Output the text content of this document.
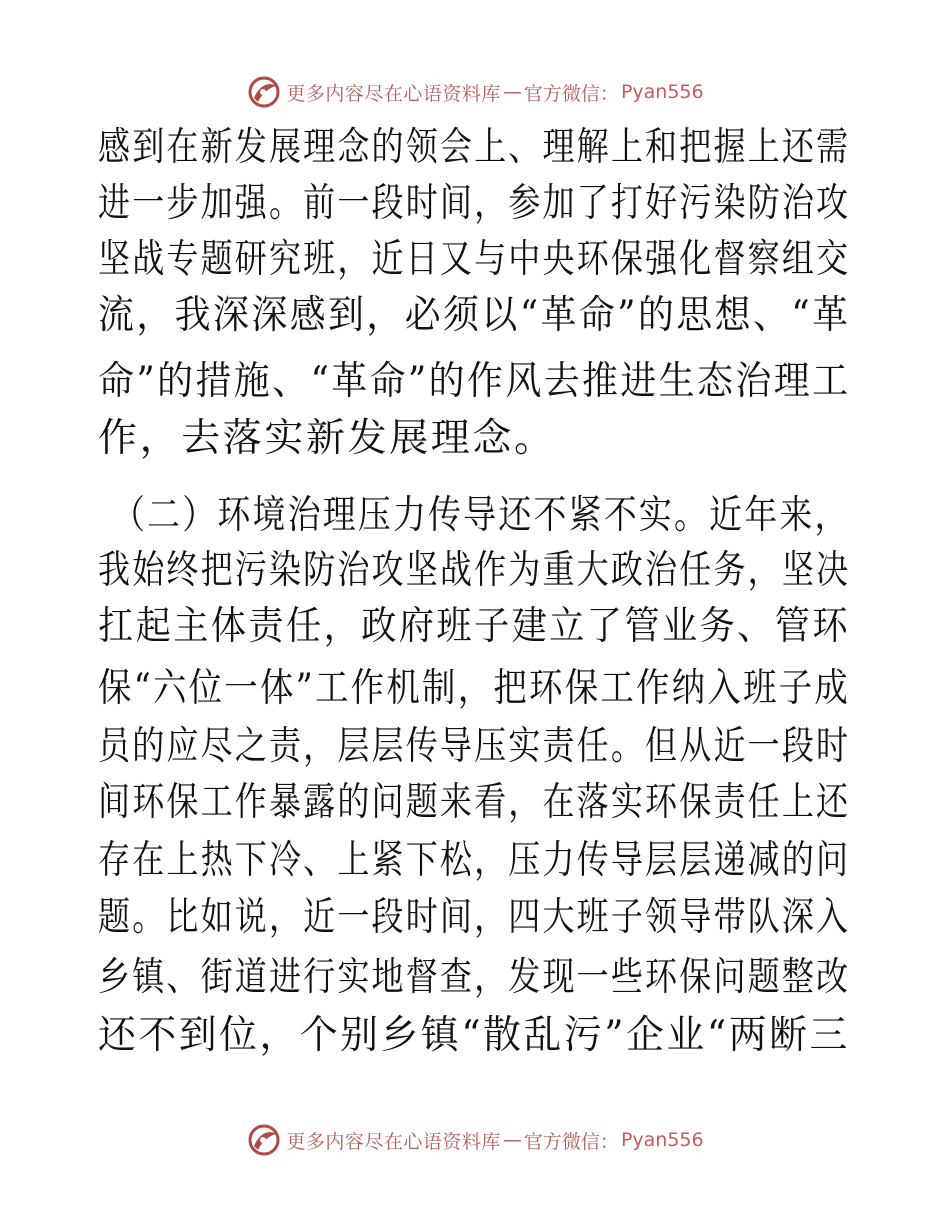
更多内容尽在心语资料库 — 官方微信： Pyan556
感到在新发展理念的领会上、理解上和把握上还需
进一步加强。前一段时间，参加了打好污染防治攻
坚战专题研究班，近日又与中央环保强化督察组交
流，我深深感到，必须以“革命”的思想、“革
命”的措施、“革命”的作风去推进生态治理工
作，去落实新发展理念。
（二）环境治理压力传导还不紧不实。近年来，
我始终把污染防治攻坚战作为重大政治任务，坚决
扛起主体责任，政府班子建立了管业务、管环
保“六位一体”工作机制，把环保工作纳入班子成
员的应尽之责，层层传导压实责任。但从近一段时
间环保工作暴露的问题来看，在落实环保责任上还
存在上热下冷、上紧下松，压力传导层层递减的问
题。比如说，近一段时间，四大班子领导带队深入
乡镇、街道进行实地督查，发现一些环保问题整改
还不到位，个别乡镇“散乱污”企业“两断三
更多内容尽在心语资料库 — 官方微信： Pyan556
